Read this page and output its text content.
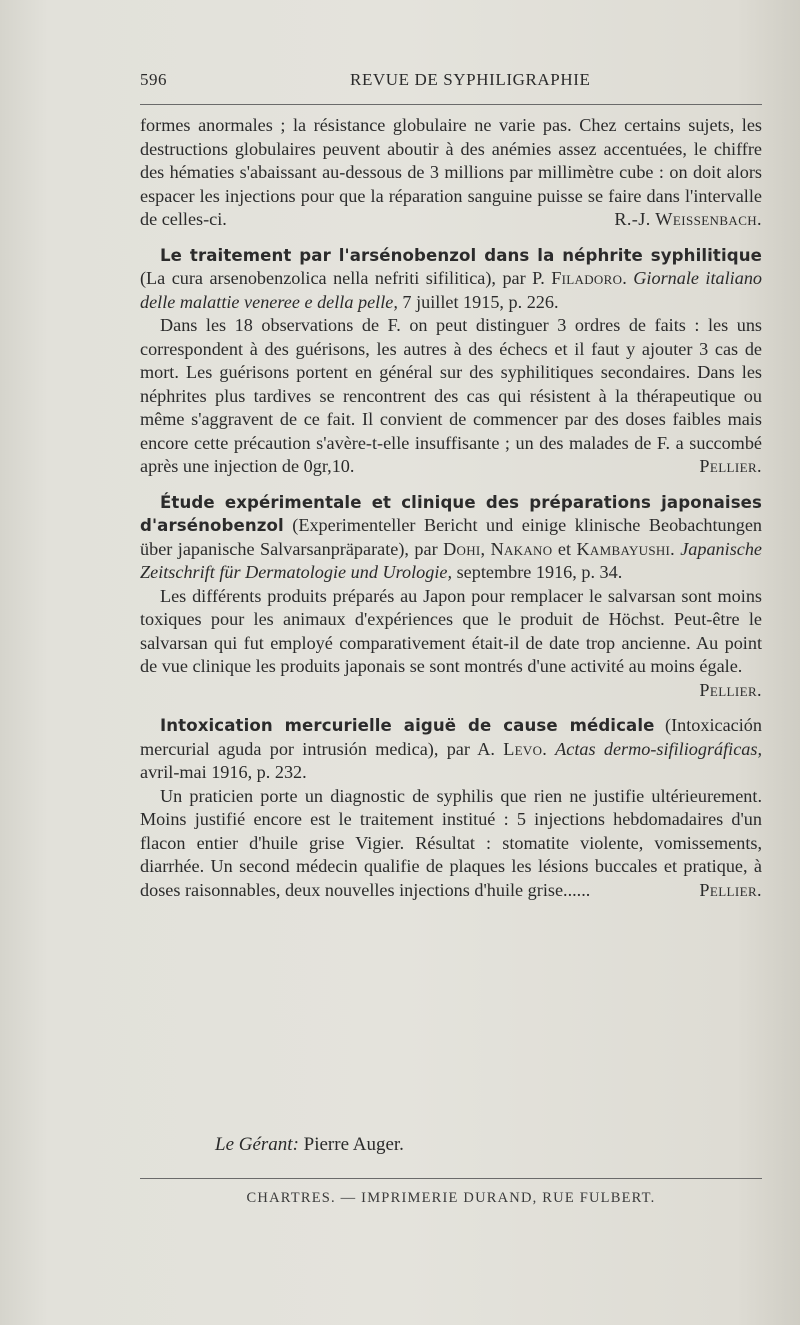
596	REVUE DE SYPHILIGRAPHIE

formes anormales ; la résistance globulaire ne varie pas. Chez certains sujets, les destructions globulaires peuvent aboutir à des anémies assez accentuées, le chiffre des hématies s'abaissant au-dessous de 3 millions par millimètre cube : on doit alors espacer les injections pour que la réparation sanguine puisse se faire dans l'intervalle de celles-ci.	R.-J. Weissenbach.

Le traitement par l'arsénobenzol dans la néphrite syphilitique (La cura arsenobenzolica nella nefriti sifilitica), par P. Filadoro. Giornale italiano delle malattie veneree e della pelle, 7 juillet 1915, p. 226.

Dans les 18 observations de F. on peut distinguer 3 ordres de faits : les uns correspondent à des guérisons, les autres à des échecs et il faut y ajouter 3 cas de mort. Les guérisons portent en général sur des syphilitiques secondaires. Dans les néphrites plus tardives se rencontrent des cas qui résistent à la thérapeutique ou même s'aggravent de ce fait. Il convient de commencer par des doses faibles mais encore cette précaution s'avère-t-elle insuffisante ; un des malades de F. a succombé après une injection de 0gr,10.	Pellier.

Étude expérimentale et clinique des préparations japonaises d'arsénobenzol (Experimenteller Bericht und einige klinische Beobachtungen über japanische Salvarsanpräparate), par Dohi, Nakano et Kambayushi. Japanische Zeitschrift für Dermatologie und Urologie, septembre 1916, p. 34.

Les différents produits préparés au Japon pour remplacer le salvarsan sont moins toxiques pour les animaux d'expériences que le produit de Höchst. Peut-être le salvarsan qui fut employé comparativement était-il de date trop ancienne. Au point de vue clinique les produits japonais se sont montrés d'une activité au moins égale.
Pellier.

Intoxication mercurielle aiguë de cause médicale (Intoxicación mercurial aguda por intrusión medica), par A. Levo. Actas dermo-sifiliográficas, avril-mai 1916, p. 232.

Un praticien porte un diagnostic de syphilis que rien ne justifie ultérieurement. Moins justifié encore est le traitement institué : 5 injections hebdomadaires d'un flacon entier d'huile grise Vigier. Résultat : stomatite violente, vomissements, diarrhée. Un second médecin qualifie de plaques les lésions buccales et pratique, à doses raisonnables, deux nouvelles injections d'huile grise......	Pellier.

Le Gérant: Pierre Auger.
CHARTRES. — IMPRIMERIE DURAND, RUE FULBERT.
